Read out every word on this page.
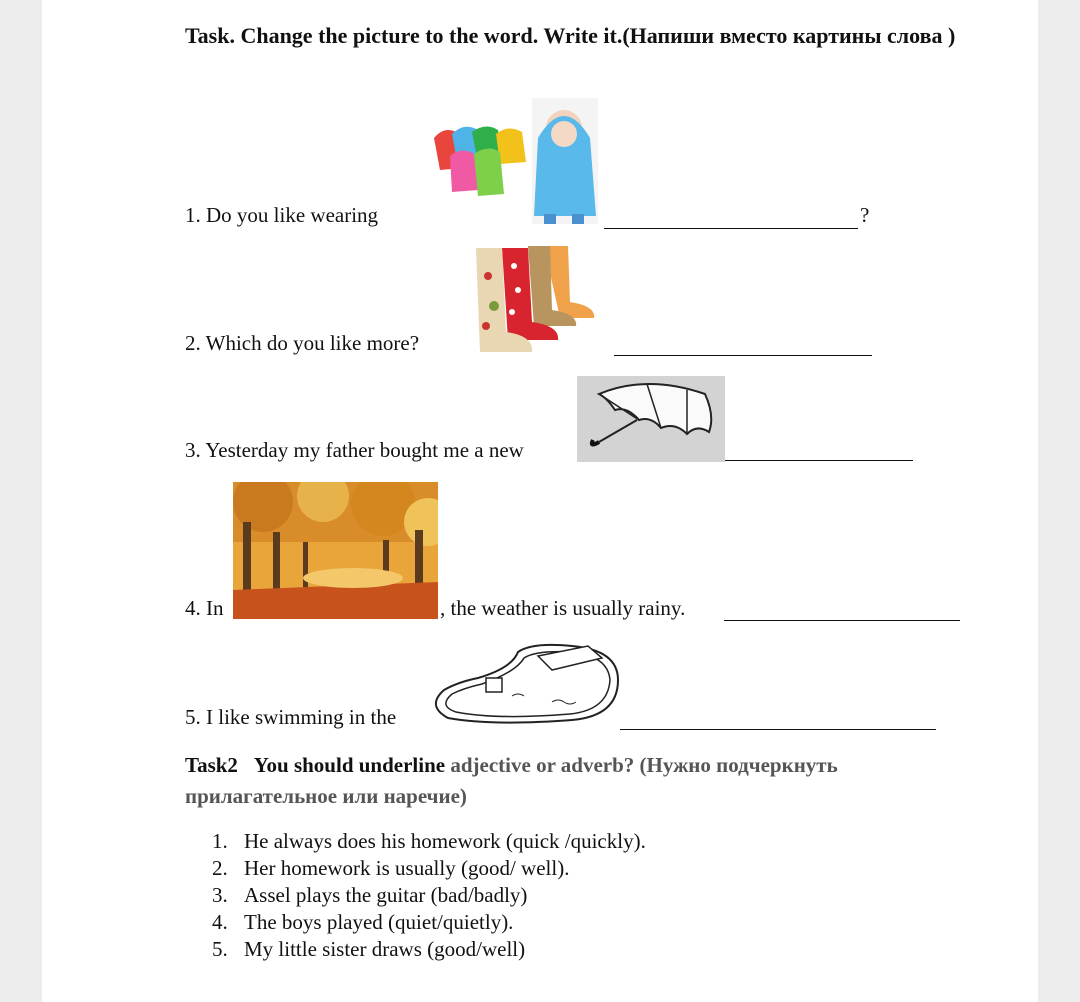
Task. Change the picture to the word. Write it.(Напиши вместо картины слова )
1. Do you like wearing	?
2. Which do you like more?
3. Yesterday my father bought me a new
4. In	, the weather is usually rainy.
5. I like swimming in the
Task2 You should underline adjective or adverb? (Нужно подчеркнуть прилагательное или наречие)
1. He always does his homework (quick /quickly).
2. Her homework is usually (good/ well).
3. Assel plays the guitar (bad/badly)
4. The boys played (quiet/quietly).
5. My little sister draws (good/well)
